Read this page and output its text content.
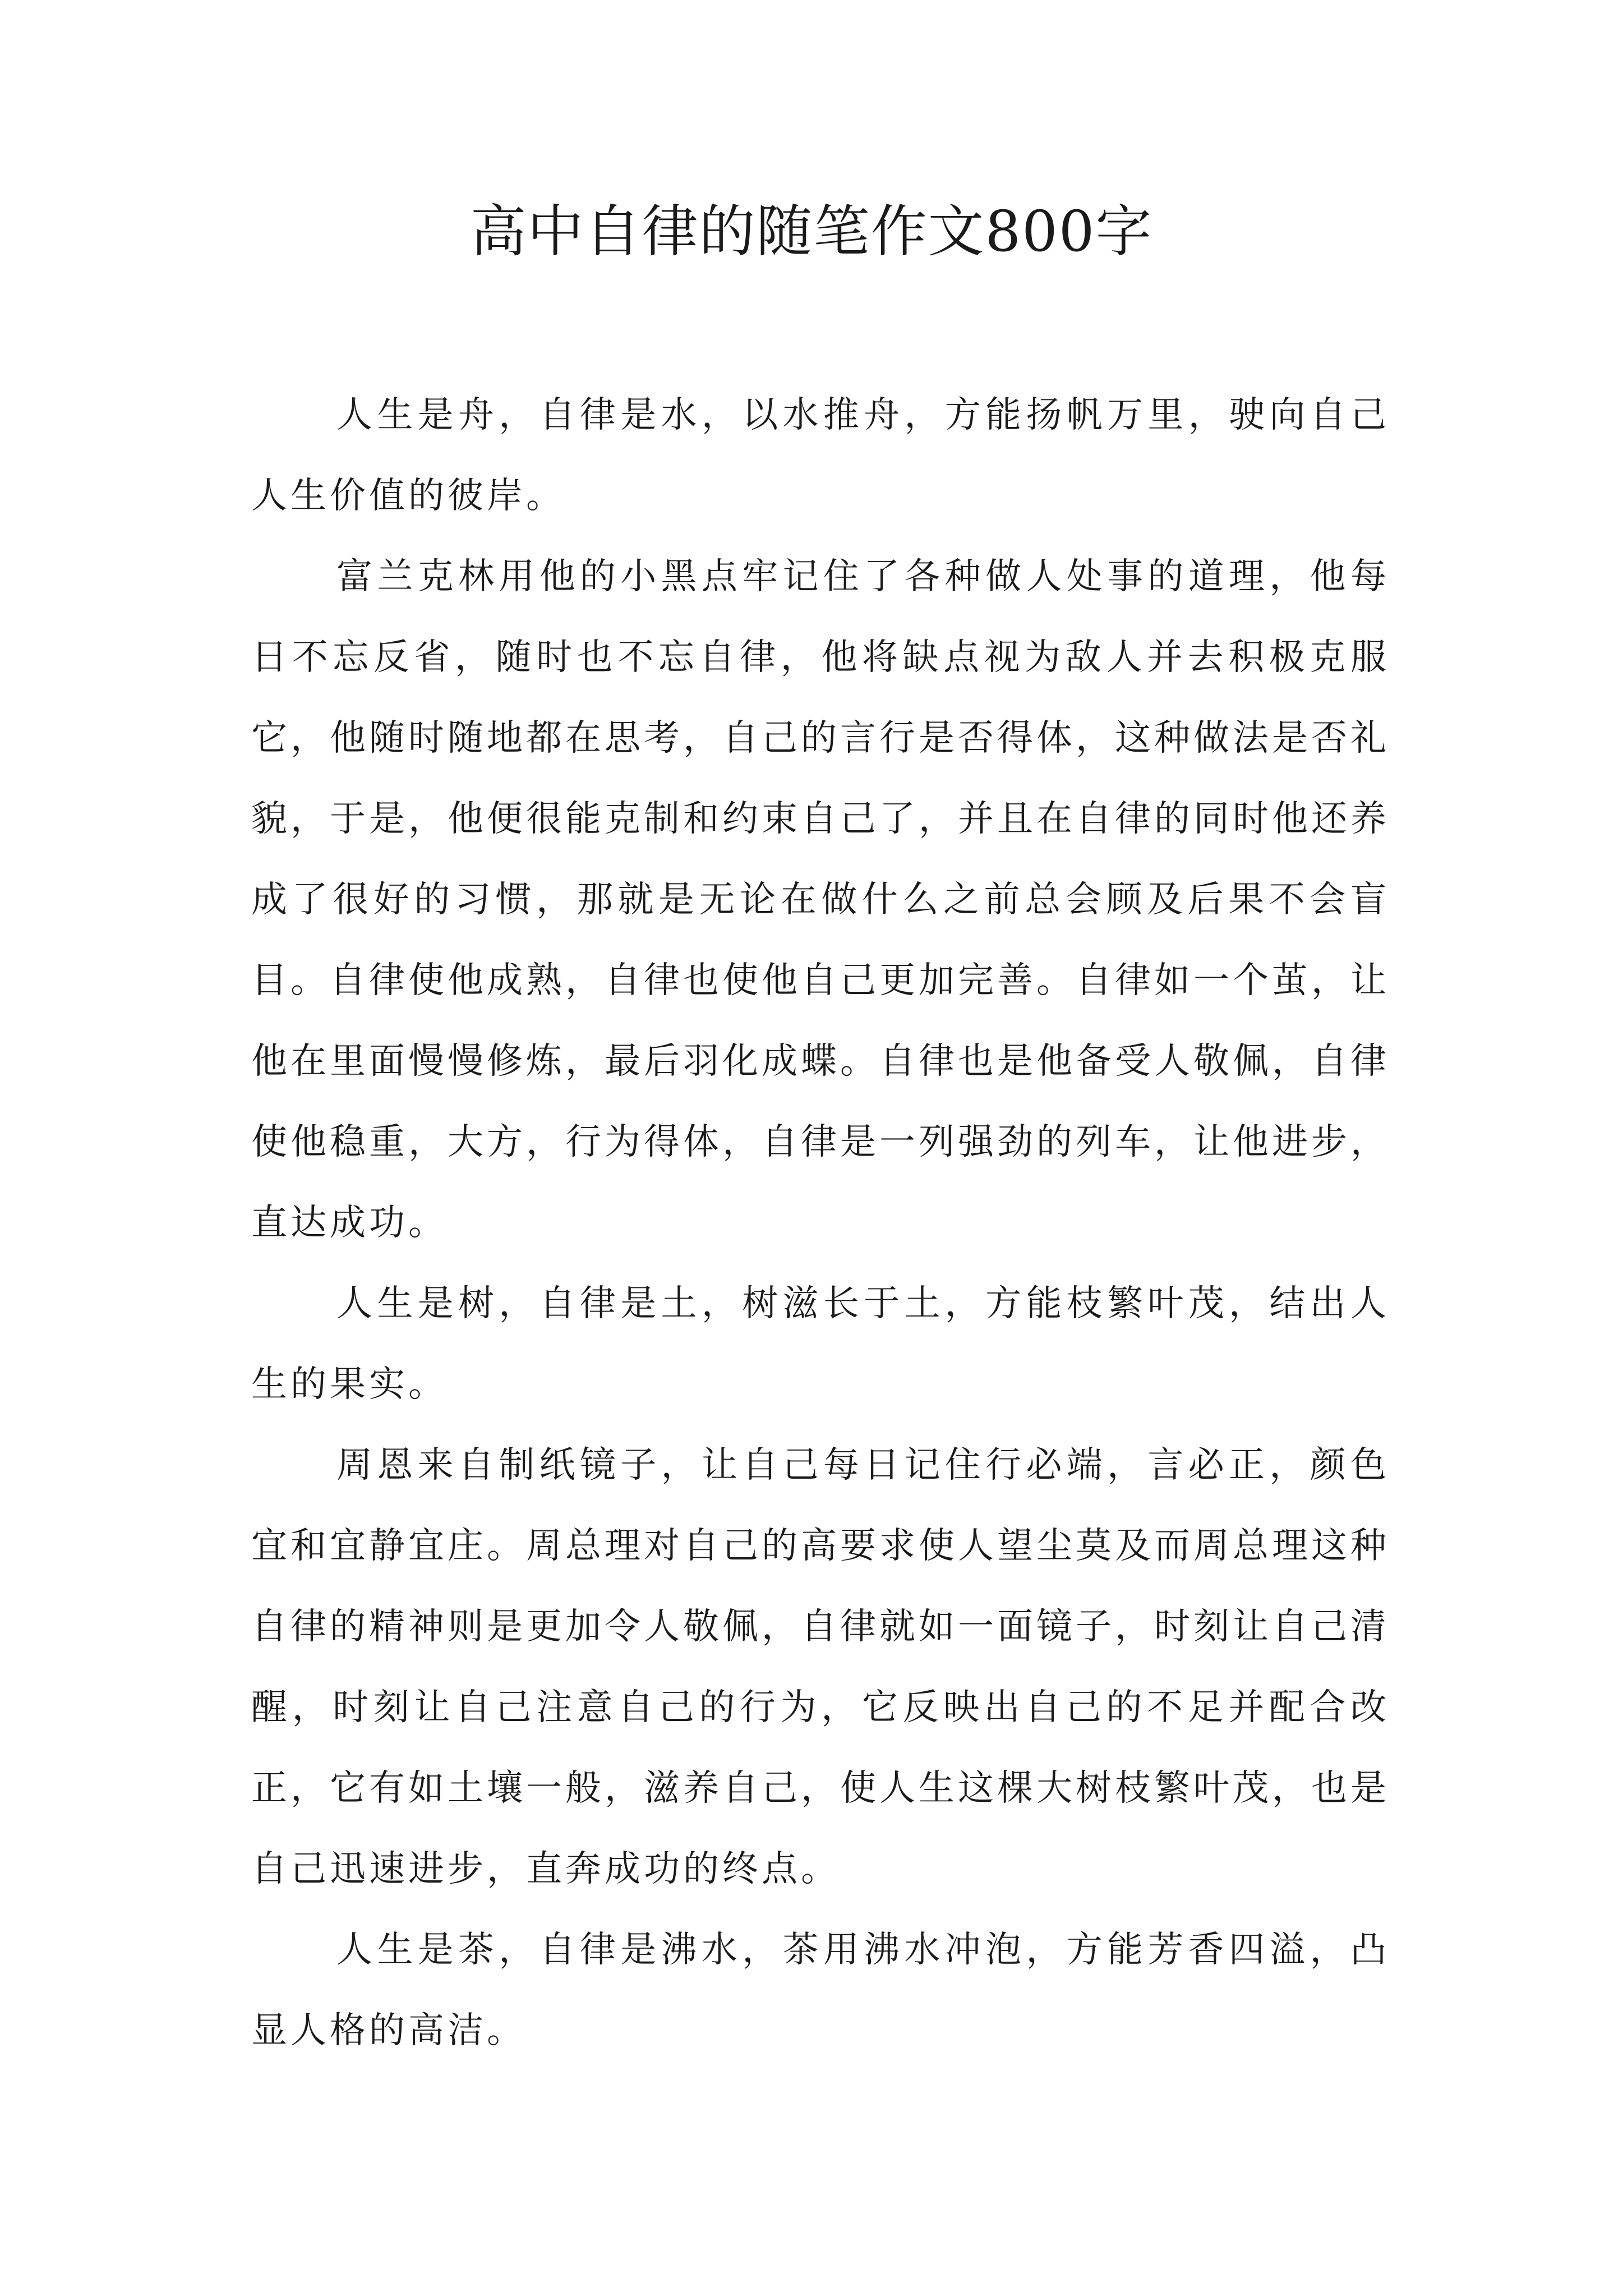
高中自律的随笔作文800字

人生是舟，自律是水，以水推舟，方能扬帆万里，驶向自己人生价值的彼岸。

富兰克林用他的小黑点牢记住了各种做人处事的道理，他每日不忘反省，随时也不忘自律，他将缺点视为敌人并去积极克服它，他随时随地都在思考，自己的言行是否得体，这种做法是否礼貌，于是，他便很能克制和约束自己了，并且在自律的同时他还养成了很好的习惯，那就是无论在做什么之前总会顾及后果不会盲目。自律使他成熟，自律也使他自己更加完善。自律如一个茧，让他在里面慢慢修炼，最后羽化成蝶。自律也是他备受人敬佩，自律使他稳重，大方，行为得体，自律是一列强劲的列车，让他进步，直达成功。

人生是树，自律是土，树滋长于土，方能枝繁叶茂，结出人生的果实。

周恩来自制纸镜子，让自己每日记住行必端，言必正，颜色宜和宜静宜庄。周总理对自己的高要求使人望尘莫及而周总理这种自律的精神则是更加令人敬佩，自律就如一面镜子，时刻让自己清醒，时刻让自己注意自己的行为，它反映出自己的不足并配合改正，它有如土壤一般，滋养自己，使人生这棵大树枝繁叶茂，也是自己迅速进步，直奔成功的终点。

人生是茶，自律是沸水，茶用沸水冲泡，方能芳香四溢，凸显人格的高洁。
